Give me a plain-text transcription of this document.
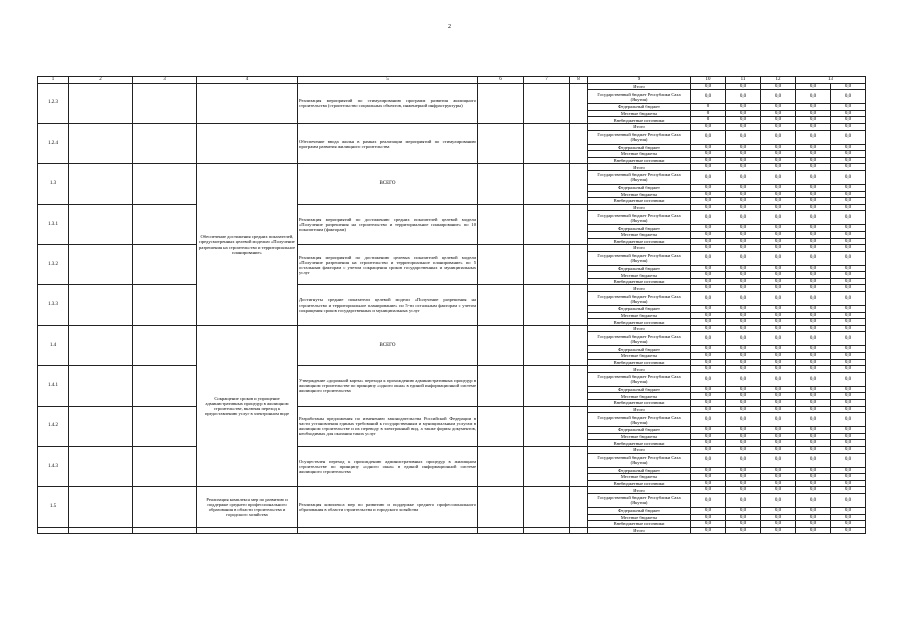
2
1	2	3	4	5	6	7	8	9	10	11	12	13	
1.2.3				Реализация мероприятий по стимулированию программ развития жилищного строительства (строительство социальных объектов, инженерной инфраструктуры)				Итого	0,0	0,0	0,0	0,0	0,0
								Государственный бюджет Республики Саха (Якутия)	0,0	0,0	0,0	0,0	0,0
								Федеральный бюджет	0	0,0	0,0	0,0	0,0
								Местные бюджеты	0	0,0	0,0	0,0	0,0
								Внебюджетные источники	0	0,0	0,0	0,0	0,0
1.2.4				Обеспечение ввода жилья в рамках реализации мероприятий по стимулированию программ развития жилищного строительства				Итого	0,0	0,0	0,0	0,0	0,0
								Государственный бюджет Республики Саха (Якутия)	0,0	0,0	0,0	0,0	0,0
								Федеральный бюджет	0,0	0,0	0,0	0,0	0,0
								Местные бюджеты	0,0	0,0	0,0	0,0	0,0
								Внебюджетные источники	0,0	0,0	0,0	0,0	0,0
1.3			Обеспечение достижения средних показателей, предусмотренных целевой моделью «Получение разрешения на строительство и территориальное планирование»	ВСЕГО				Итого	0,0	0,0	0,0	0,0	0,0
								Государственный бюджет Республики Саха (Якутия)	0,0	0,0	0,0	0,0	0,0
								Федеральный бюджет	0,0	0,0	0,0	0,0	0,0
								Местные бюджеты	0,0	0,0	0,0	0,0	0,0
								Внебюджетные источники	0,0	0,0	0,0	0,0	0,0
1.3.1				Реализация мероприятий по достижению средних показателей целевой модели «Получение разрешения на строительство и территориальное планирование» по 10 показателям (факторам)				Итого	0,0	0,0	0,0	0,0	0,0
								Государственный бюджет Республики Саха (Якутия)	0,0	0,0	0,0	0,0	0,0
								Федеральный бюджет	0,0	0,0	0,0	0,0	0,0
								Местные бюджеты	0,0	0,0	0,0	0,0	0,0
								Внебюджетные источники	0,0	0,0	0,0	0,0	0,0
1.3.2				Реализация мероприятий по достижению целевых показателей целевой модели «Получение разрешения на строительство и территориальное планирование» по 5 остальным факторам с учетом сокращения сроков государственных и муниципальных услуг				Итого	0,0	0,0	0,0	0,0	0,0
								Государственный бюджет Республики Саха (Якутия)	0,0	0,0	0,0	0,0	0,0
								Федеральный бюджет	0,0	0,0	0,0	0,0	0,0
								Местные бюджеты	0,0	0,0	0,0	0,0	0,0
								Внебюджетные источники	0,0	0,0	0,0	0,0	0,0
1.3.3				Достигнуты средние показатели целевой модели «Получение разрешения на строительство и территориальное планирование» по 5-ти остальным факторам с учетом сокращения сроков государственных и муниципальных услуг				Итого	0,0	0,0	0,0	0,0	0,0
								Государственный бюджет Республики Саха (Якутия)	0,0	0,0	0,0	0,0	0,0
								Федеральный бюджет	0,0	0,0	0,0	0,0	0,0
								Местные бюджеты	0,0	0,0	0,0	0,0	0,0
								Внебюджетные источники	0,0	0,0	0,0	0,0	0,0
1.4			Сокращение сроков и упрощение административных процедур в жилищном строительстве, включая переход к предоставлению услуг в электронном виде	ВСЕГО				Итого	0,0	0,0	0,0	0,0	0,0
								Государственный бюджет Республики Саха (Якутия)	0,0	0,0	0,0	0,0	0,0
								Федеральный бюджет	0,0	0,0	0,0	0,0	0,0
								Местные бюджеты	0,0	0,0	0,0	0,0	0,0
								Внебюджетные источники	0,0	0,0	0,0	0,0	0,0
1.4.1				Утверждение «дорожной карты» перехода к прохождению административных процедур в жилищном строительстве по принципу «одного окна» в единой информационной системе жилищного строительства				Итого	0,0	0,0	0,0	0,0	0,0
								Государственный бюджет Республики Саха (Якутия)	0,0	0,0	0,0	0,0	0,0
								Федеральный бюджет	0,0	0,0	0,0	0,0	0,0
								Местные бюджеты	0,0	0,0	0,0	0,0	0,0
								Внебюджетные источники	0,0	0,0	0,0	0,0	0,0
1.4.2				Разработаны предложения по изменению законодательства Российской Федерации в части установления единых требований к государственным и муниципальным услугам в жилищном строительстве и их переводу в электронный вид, а также формы документов, необходимых для оказания таких услуг				Итого	0,0	0,0	0,0	0,0	0,0
								Государственный бюджет Республики Саха (Якутия)	0,0	0,0	0,0	0,0	0,0
								Федеральный бюджет	0,0	0,0	0,0	0,0	0,0
								Местные бюджеты	0,0	0,0	0,0	0,0	0,0
								Внебюджетные источники	0,0	0,0	0,0	0,0	0,0
1.4.3				Осуществлен переход к прохождению административных процедур в жилищном строительстве по принципу «одного окна» в единой информационной системе жилищного строительства				Итого	0,0	0,0	0,0	0,0	0,0
								Государственный бюджет Республики Саха (Якутия)	0,0	0,0	0,0	0,0	0,0
								Федеральный бюджет	0,0	0,0	0,0	0,0	0,0
								Местные бюджеты	0,0	0,0	0,0	0,0	0,0
								Внебюджетные источники	0,0	0,0	0,0	0,0	0,0
1.5			Реализация комплекса мер по развитию и поддержке среднего профессионального образования в области строительства и городского хозяйства	Реализация комплекса мер по развитию и поддержке среднего профессионального образования в области строительства и городского хозяйства				Итого	0,0	0,0	0,0	0,0	0,0
								Государственный бюджет Республики Саха (Якутия)	0,0	0,0	0,0	0,0	0,0
								Федеральный бюджет	0,0	0,0	0,0	0,0	0,0
								Местные бюджеты	0,0	0,0	0,0	0,0	0,0
								Внебюджетные источники	0,0	0,0	0,0	0,0	0,0
								Итого	0,0	0,0	0,0	0,0	0,0
